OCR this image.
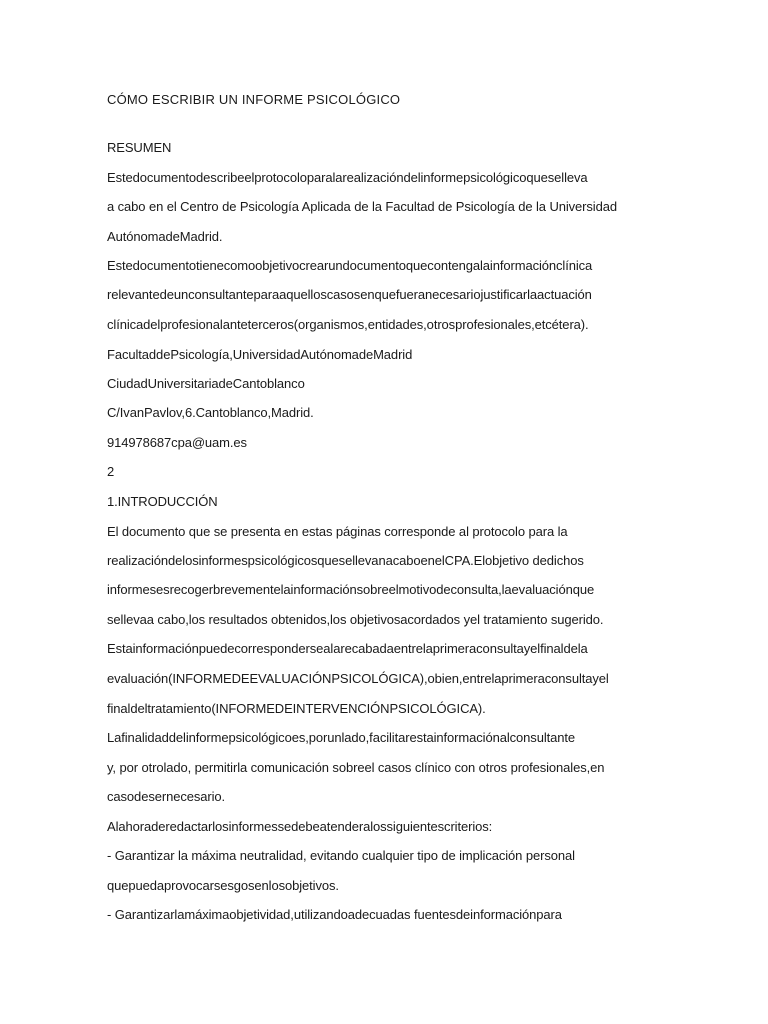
CÓMO ESCRIBIR UN INFORME PSICOLÓGICO

RESUMEN

Estedocumentodescribeelprotocoloparalarealizacióndelinformepsicológicoqueselleva

a cabo en el Centro de Psicología Aplicada de la Facultad de Psicología de la Universidad

AutónomadeMadrid.

Estedocumentotienecomoobjetivocrearundocumentoquecontengalainformaciónclínica

relevantedeunconsultanteparaaquelloscasosenquefueranecesariojustificarlaactuación

clínicadelprofesionalanteterceros(organismos,entidades,otrosprofesionales,etcétera).

FacultaddePsicología,UniversidadAutónomadeMadrid

CiudadUniversitariadeCantoblanco

C/IvanPavlov,6.Cantoblanco,Madrid.

914978687cpa@uam.es

2

1.INTRODUCCIÓN

El documento que se presenta en estas páginas corresponde al protocolo para la

realizacióndelosinformespsicológicosquesellevanacaboenelCPA.Elobjetivo dedichos

informesesrecogerbrevementelainformaciónsobreelmotivodeconsulta,laevaluaciónque

sellevaa cabo,los resultados obtenidos,los objetivosacordados yel tratamiento sugerido.

Estainformaciónpuedecorrespondersealarecabadaentrelaprimeraconsultayelfinaldela

evaluación(INFORMEDEEVALUACIÓNPSICOLÓGICA),obien,entrelaprimeraconsultayel

finaldeltratamiento(INFORMEDEINTERVENCIÓNPSICOLÓGICA).

Lafinalidaddelinformepsicológicoes,porunlado,facilitarestainformaciónalconsultante

y, por otrolado, permitirla comunicación sobreel casos clínico con otros profesionales,en

casodesernecesario.

Alahoraderedactarlosinformessedebeatenderalossiguientescriterios:

- Garantizar la máxima neutralidad, evitando cualquier tipo de implicación personal

quepuedaprovocarsesgosenlosobjetivos.

- Garantizarlamáximaobjetividad,utilizandoadecuadas fuentesdeinformaciónpara
